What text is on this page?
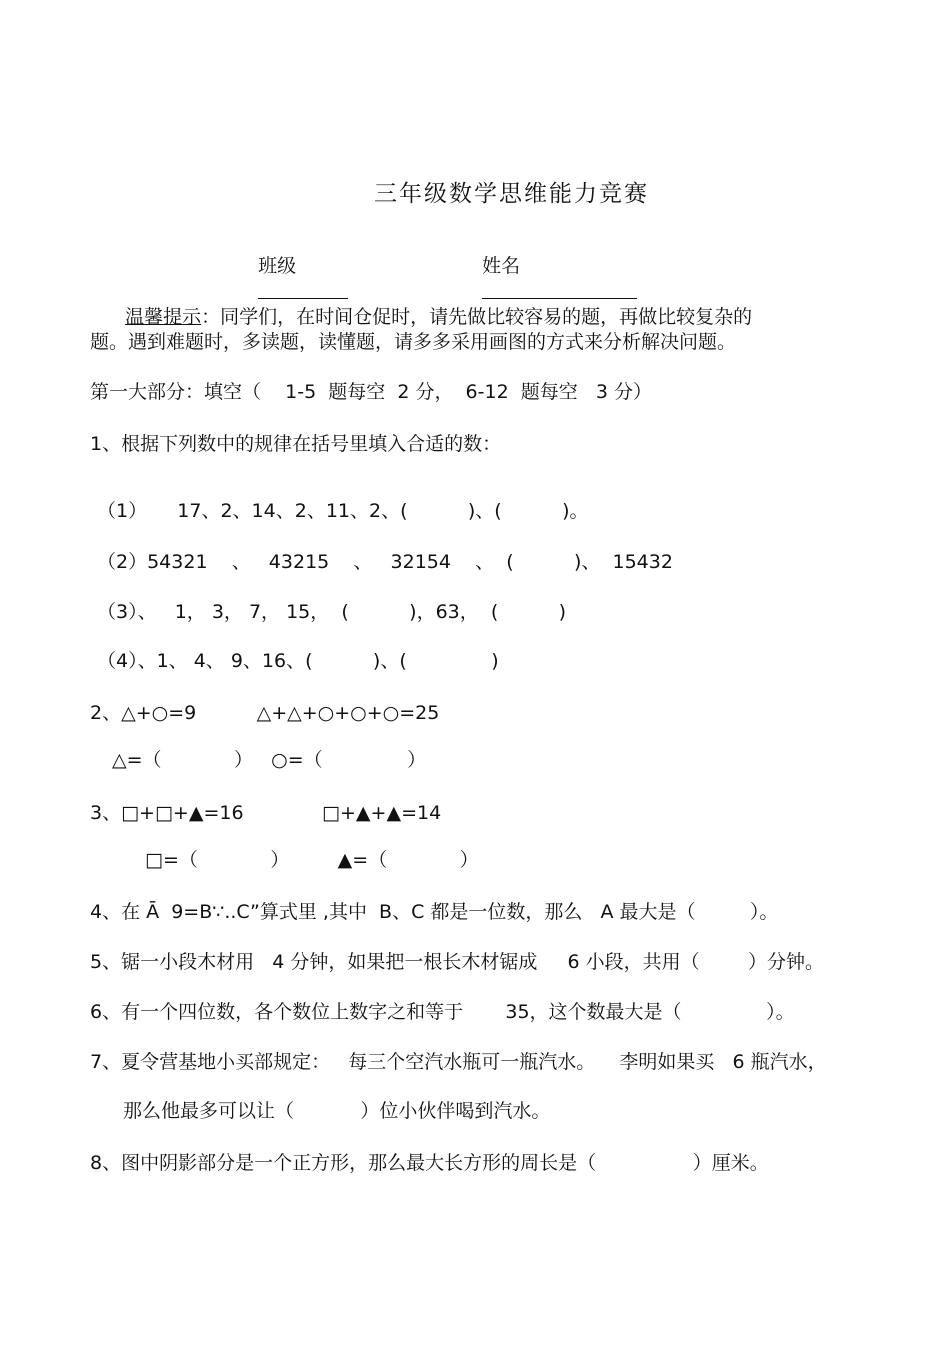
三年级数学思维能力竞赛

班级
	姓名

温馨提示：同学们，在时间仓促时，请先做比较容易的题，再做比较复杂的

题。遇到难题时，多读题，读懂题，请多多采用画图的方式来分析解决问题。
第一大部分：填空（    1-5  题每空  2 分，  6-12  题每空   3 分）
1、根据下列数中的规律在括号里填入合适的数：
（1）     17、2、14、2、11、2、(          )、(          )。
（2）54321    、   43215    、   32154    、  (          )、  15432
（3）、   1， 3， 7， 15，  (          )，63，  (          )
（4）、1、 4、 9、16、(          )、(              )
2、△+○=9          △+△+○+○+○=25
△=（            ）   ○=（              ）
3、□+□+▲=16             □+▲+▲=14
□=（            ）        ▲=（            ）
4、在 Ā  9=B∵..C”算式里 ,其中  B、C 都是一位数，那么   A 最大是（         ）。
5、锯一小段木材用   4 分钟，如果把一根长木材锯成     6 小段，共用（        ）分钟。
6、有一个四位数，各个数位上数字之和等于       35，这个数最大是（              ）。
7、夏令营基地小买部规定：   每三个空汽水瓶可一瓶汽水。    李明如果买   6 瓶汽水，
那么他最多可以让（           ）位小伙伴喝到汽水。
8、图中阴影部分是一个正方形，那么最大长方形的周长是（                ）厘米。
